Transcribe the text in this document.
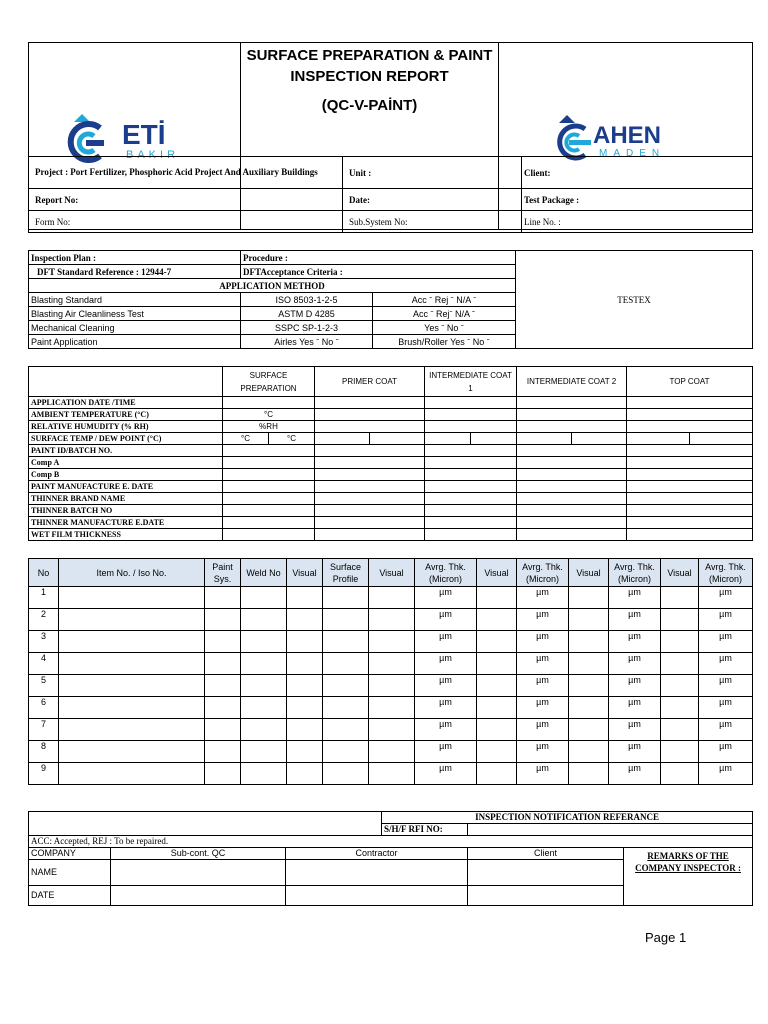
ETİ
BAKIR

SURFACE PREPARATION & PAINT
INSPECTION REPORT
(QC-V-PAİNT)

AHEN
MADEN
Project : Port Fertilizer, Phosphoric Acid Project And Auxiliary Buildings	Unit :	Client:
Report No:	Date:	Test Package :
Form No:	Sub.System No:	Line No. :
Inspection Plan :	Procedure :		TESTEX
DFT Standard Reference : 12944-7	DFTAcceptance Criteria :		
APPLICATION METHOD			
Blasting Standard	ISO 8503-1-2-5	Acc ˉ Rej ˉ N/A ˉ	
Blasting Air Cleanliness Test	ASTM D 4285	Acc ˉ Rejˉ N/A ˉ	
Mechanical Cleaning	SSPC SP-1-2-3	Yes ˉ No ˉ	
Paint Application	Airles Yes ˉ No ˉ	Brush/Roller Yes ˉ No ˉ	
	SURFACE PREPARATION		PRIMER COAT		INTERMEDIATE COAT 1		INTERMEDIATE COAT 2		TOP COAT	
APPLICATION DATE /TIME										
AMBIENT TEMPERATURE (°C)	°C									
RELATIVE HUMUDITY (% RH)	%RH									
SURFACE TEMP / DEW POINT (°C)	°C	°C								
PAINT ID/BATCH NO.										
Comp A										
Comp B										
PAINT MANUFACTURE E. DATE										
THINNER BRAND NAME										
THINNER BATCH NO										
THINNER MANUFACTURE E.DATE										
WET FILM THICKNESS										
No	Item No. / Iso No.	Paint Sys.	Weld No	Visual	Surface Profile	Visual	Avrg. Thk. (Micron)	Visual	Avrg. Thk. (Micron)	Visual	Avrg. Thk. (Micron)	Visual	Avrg. Thk. (Micron)
1							µm		µm		µm		µm
2							µm		µm		µm		µm
3							µm		µm		µm		µm
4							µm		µm		µm		µm
5							µm		µm		µm		µm
6							µm		µm		µm		µm
7							µm		µm		µm		µm
8							µm		µm		µm		µm
9							µm		µm		µm		µm
			INSPECTION NOTIFICATION REFERANCE		
			S/H/F RFI NO:		
ACC: Accepted, REJ : To be repaired.					
COMPANY	Sub-cont. QC	Contractor		Client	REMARKS OF THE COMPANY INSPECTOR :
NAME					
DATE					
Page 1
